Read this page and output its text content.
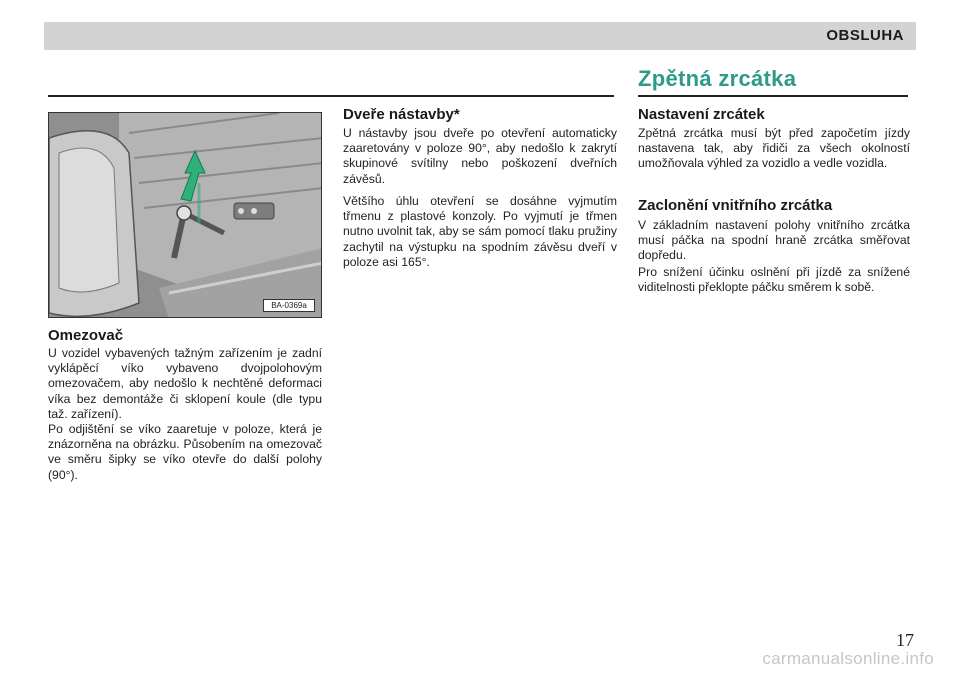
OBSLUHA
Zpětná zrcátka
BA-0369a
Omezovač
U vozidel vybavených tažným zařízením je zadní vyklápěcí víko vybaveno dvojpolohovým omezovačem, aby nedošlo k nechtěné deformaci víka bez demontáže či sklopení koule (dle typu taž. zařízení).
Po odjištění se víko zaaretuje v poloze, která je znázorněna na obrázku. Působením na omezovač ve směru šipky se víko otevře do další polohy (90°).
Dveře nástavby*
U nástavby jsou dveře po otevření automaticky zaaretovány v poloze 90°, aby nedošlo k zakrytí skupinové svítilny nebo poškození dveřních závěsů.
Většího úhlu otevření se dosáhne vyjmutím třmenu z plastové konzoly. Po vyjmutí je třmen nutno uvolnit tak, aby se sám pomocí tlaku pružiny zachytil na výstupku na spodním závěsu dveří v poloze asi 165°.
Nastavení zrcátek
Zpětná zrcátka musí být před započetím jízdy nastavena tak, aby řidiči za všech okolností umožňovala výhled za vozidlo a vedle vozidla.
Zaclonění vnitřního zrcátka
V základním nastavení polohy vnitřního zrcátka musí páčka na spodní hraně zrcátka směřovat dopředu.
Pro snížení účinku oslnění při jízdě za snížené viditelnosti překlopte páčku směrem k sobě.
17
carmanualsonline.info
